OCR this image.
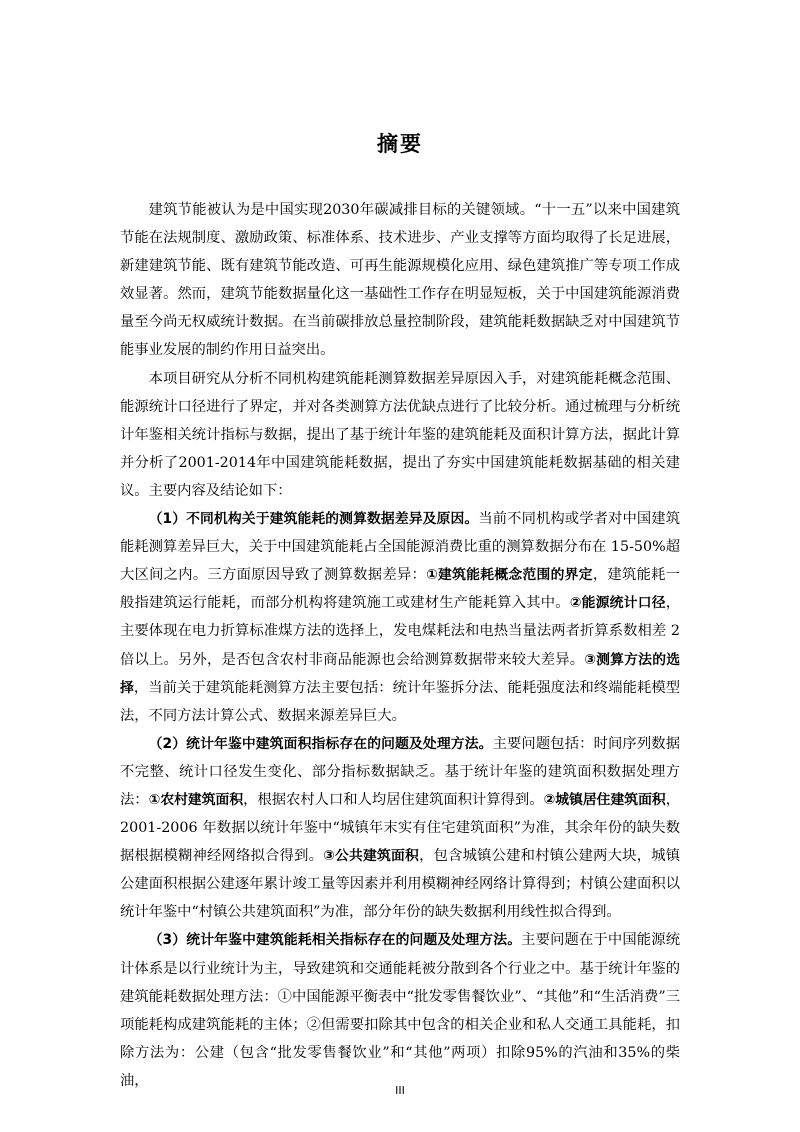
摘要

建筑节能被认为是中国实现2030年碳减排目标的关键领域。“十一五”以来中国建筑节能在法规制度、激励政策、标准体系、技术进步、产业支撑等方面均取得了长足进展，新建建筑节能、既有建筑节能改造、可再生能源规模化应用、绿色建筑推广等专项工作成效显著。然而，建筑节能数据量化这一基础性工作存在明显短板，关于中国建筑能源消费量至今尚无权威统计数据。在当前碳排放总量控制阶段，建筑能耗数据缺乏对中国建筑节能事业发展的制约作用日益突出。

本项目研究从分析不同机构建筑能耗测算数据差异原因入手，对建筑能耗概念范围、能源统计口径进行了界定，并对各类测算方法优缺点进行了比较分析。通过梳理与分析统计年鉴相关统计指标与数据，提出了基于统计年鉴的建筑能耗及面积计算方法，据此计算并分析了2001-2014年中国建筑能耗数据，提出了夯实中国建筑能耗数据基础的相关建议。主要内容及结论如下：

（1）不同机构关于建筑能耗的测算数据差异及原因。当前不同机构或学者对中国建筑能耗测算差异巨大，关于中国建筑能耗占全国能源消费比重的测算数据分布在 15-50%超大区间之内。三方面原因导致了测算数据差异：①建筑能耗概念范围的界定，建筑能耗一般指建筑运行能耗，而部分机构将建筑施工或建材生产能耗算入其中。②能源统计口径，主要体现在电力折算标准煤方法的选择上，发电煤耗法和电热当量法两者折算系数相差 2 倍以上。另外，是否包含农村非商品能源也会给测算数据带来较大差异。③测算方法的选择，当前关于建筑能耗测算方法主要包括：统计年鉴拆分法、能耗强度法和终端能耗模型法，不同方法计算公式、数据来源差异巨大。

（2）统计年鉴中建筑面积指标存在的问题及处理方法。主要问题包括：时间序列数据不完整、统计口径发生变化、部分指标数据缺乏。基于统计年鉴的建筑面积数据处理方法：①农村建筑面积，根据农村人口和人均居住建筑面积计算得到。②城镇居住建筑面积，2001-2006 年数据以统计年鉴中“城镇年末实有住宅建筑面积”为准，其余年份的缺失数据根据模糊神经网络拟合得到。③公共建筑面积，包含城镇公建和村镇公建两大块，城镇公建面积根据公建逐年累计竣工量等因素并利用模糊神经网络计算得到；村镇公建面积以统计年鉴中“村镇公共建筑面积”为准，部分年份的缺失数据利用线性拟合得到。

（3）统计年鉴中建筑能耗相关指标存在的问题及处理方法。主要问题在于中国能源统计体系是以行业统计为主，导致建筑和交通能耗被分散到各个行业之中。基于统计年鉴的建筑能耗数据处理方法：①中国能源平衡表中“批发零售餐饮业”、“其他”和“生活消费”三项能耗构成建筑能耗的主体；②但需要扣除其中包含的相关企业和私人交通工具能耗，扣除方法为：公建（包含“批发零售餐饮业”和“其他”两项）扣除95%的汽油和35%的柴油，

III
